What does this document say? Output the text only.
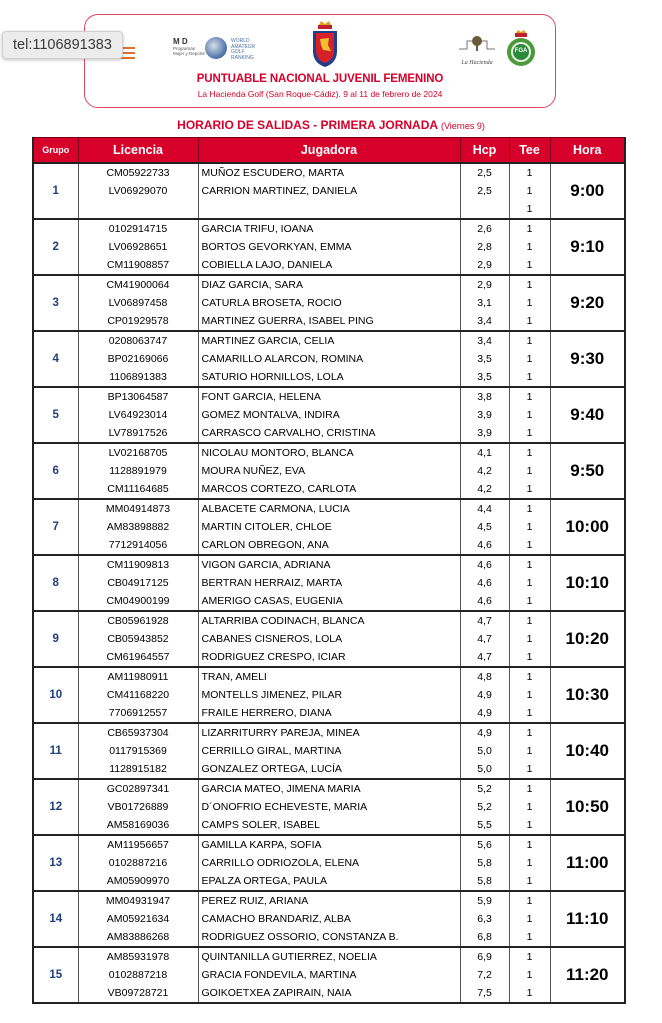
tel:1106891383	M D
Programas Mujer y Deporte
WORLD AMATEUR GOLF RANKING
La Hacienda
FGA
PUNTUABLE NACIONAL JUVENIL FEMENINO
La Hacienda Golf (San Roque-Cádiz). 9 al 11 de febrero de 2024
HORARIO DE SALIDAS - PRIMERA JORNADA (Viernes 9)
Grupo	Licencia	Jugadora	Hcp	Tee	Hora
1	CM05922733	MUÑOZ ESCUDERO, MARTA	2,5	1	9:00
	LV06929070	CARRION MARTINEZ, DANIELA	2,5	1	
				1	
2	0102914715	GARCIA TRIFU, IOANA	2,6	1	9:10
	LV06928651	BORTOS GEVORKYAN, EMMA	2,8	1	
	CM11908857	COBIELLA LAJO, DANIELA	2,9	1	
3	CM41900064	DIAZ GARCIA, SARA	2,9	1	9:20
	LV06897458	CATURLA BROSETA, ROCIO	3,1	1	
	CP01929578	MARTINEZ GUERRA, ISABEL PING	3,4	1	
4	0208063747	MARTINEZ GARCIA, CELIA	3,4	1	9:30
	BP02169066	CAMARILLO ALARCON, ROMINA	3,5	1	
	1106891383	SATURIO HORNILLOS, LOLA	3,5	1	
5	BP13064587	FONT GARCIA, HELENA	3,8	1	9:40
	LV64923014	GOMEZ MONTALVA, INDIRA	3,9	1	
	LV78917526	CARRASCO CARVALHO, CRISTINA	3,9	1	
6	LV02168705	NICOLAU MONTORO, BLANCA	4,1	1	9:50
	1128891979	MOURA NUÑEZ, EVA	4,2	1	
	CM11164685	MARCOS CORTEZO, CARLOTA	4,2	1	
7	MM04914873	ALBACETE CARMONA, LUCIA	4,4	1	10:00
	AM83898882	MARTIN CITOLER, CHLOE	4,5	1	
	7712914056	CARLON OBREGON, ANA	4,6	1	
8	CM11909813	VIGON GARCIA, ADRIANA	4,6	1	10:10
	CB04917125	BERTRAN HERRAIZ, MARTA	4,6	1	
	CM04900199	AMERIGO CASAS, EUGENIA	4,6	1	
9	CB05961928	ALTARRIBA CODINACH, BLANCA	4,7	1	10:20
	CB05943852	CABANES CISNEROS, LOLA	4,7	1	
	CM61964557	RODRIGUEZ CRESPO, ICIAR	4,7	1	
10	AM11980911	TRAN, AMELI	4,8	1	10:30
	CM41168220	MONTELLS JIMENEZ, PILAR	4,9	1	
	7706912557	FRAILE HERRERO, DIANA	4,9	1	
11	CB65937304	LIZARRITURRY PAREJA, MINEA	4,9	1	10:40
	0117915369	CERRILLO GIRAL, MARTINA	5,0	1	
	1128915182	GONZALEZ ORTEGA, LUCÍA	5,0	1	
12	GC02897341	GARCIA MATEO, JIMENA MARIA	5,2	1	10:50
	VB01726889	D´ONOFRIO ECHEVESTE, MARIA	5,2	1	
	AM58169036	CAMPS SOLER, ISABEL	5,5	1	
13	AM11956657	GAMILLA KARPA, SOFIA	5,6	1	11:00
	0102887216	CARRILLO ODRIOZOLA, ELENA	5,8	1	
	AM05909970	EPALZA ORTEGA, PAULA	5,8	1	
14	MM04931947	PEREZ RUIZ, ARIANA	5,9	1	11:10
	AM05921634	CAMACHO BRANDARIZ, ALBA	6,3	1	
	AM83886268	RODRIGUEZ OSSORIO, CONSTANZA B.	6,8	1	
15	AM85931978	QUINTANILLA GUTIERREZ, NOELIA	6,9	1	11:20
	0102887218	GRACIA FONDEVILA, MARTINA	7,2	1	
	VB09728721	GOIKOETXEA ZAPIRAIN, NAIA	7,5	1	
